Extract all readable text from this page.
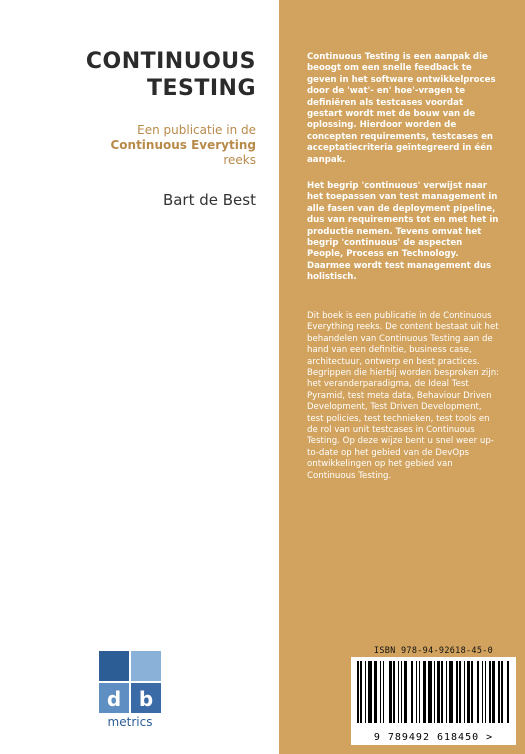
CONTINUOUS
TESTING
Een publicatie in de
Continuous Everyting
reeks
Bart de Best
d b
metrics
Continuous Testing is een aanpak die beoogt om een snelle feedback te geven in het software ontwikkelproces door de 'wat'- en' hoe'-vragen te definiëren als testcases voordat gestart wordt met de bouw van de oplossing. Hierdoor worden de concepten requirements, testcases en acceptatiecriteria geïntegreerd in één aanpak.
Het begrip 'continuous' verwijst naar het toepassen van test management in alle fasen van de deployment pipeline, dus van requirements tot en met het in productie nemen. Tevens omvat het begrip 'continuous' de aspecten People, Process en Technology. Daarmee wordt test management dus holistisch.
Dit boek is een publicatie in de Continuous Everything reeks. De content bestaat uit het behandelen van Continuous Testing aan de hand van een definitie, business case, architectuur, ontwerp en best practices. Begrippen die hierbij worden besproken zijn: het veranderparadigma, de Ideal Test Pyramid, test meta data, Behaviour Driven Development, Test Driven Development, test policies, test technieken, test tools en de rol van unit testcases in Continuous Testing. Op deze wijze bent u snel weer up-to-date op het gebied van de DevOps ontwikkelingen op het gebied van Continuous Testing.
ISBN 978-94-92618-45-0
9 789492 618450 >
